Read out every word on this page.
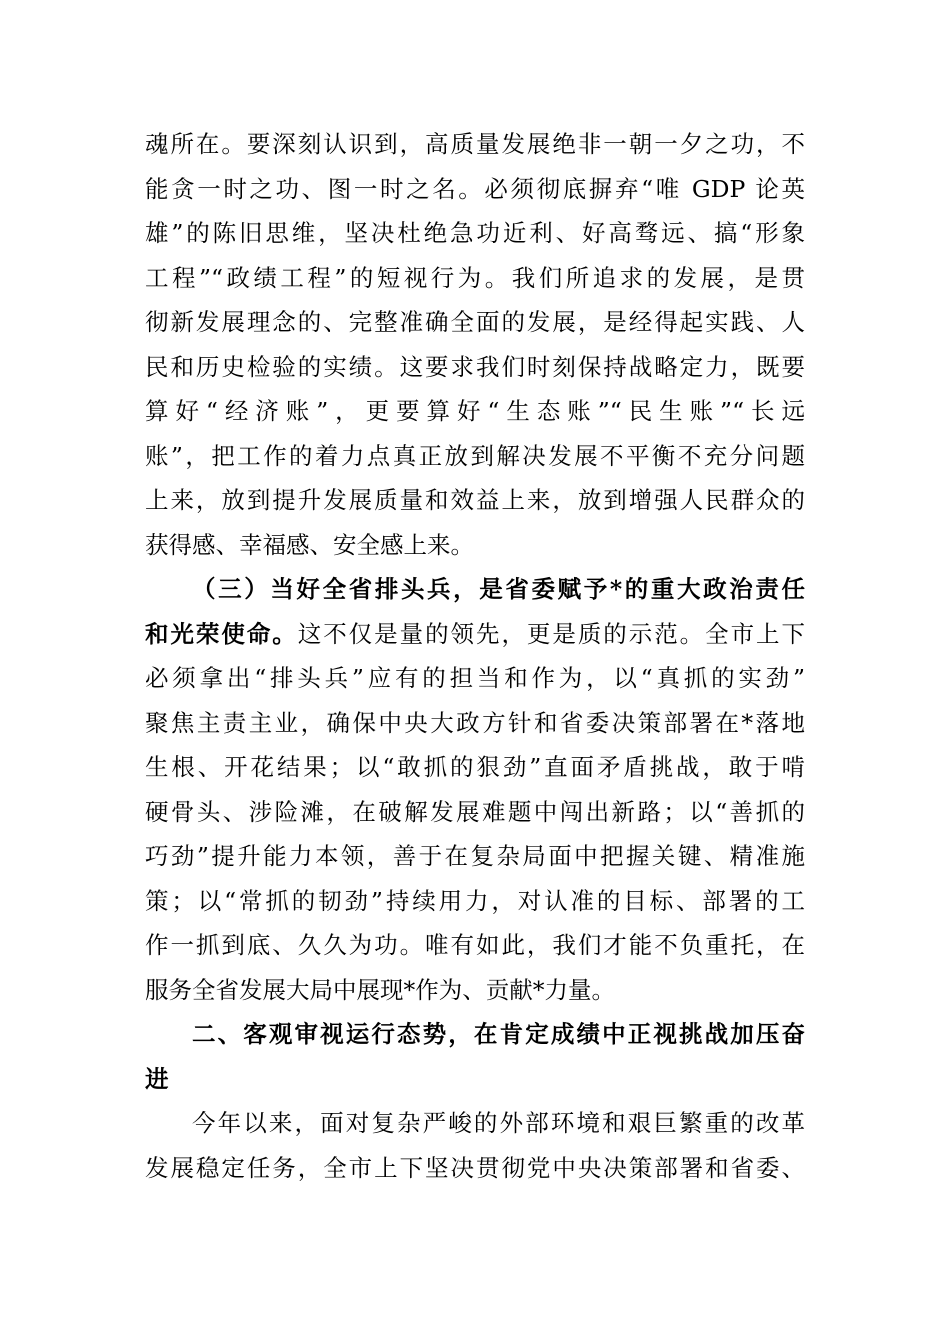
魂所在。要深刻认识到，高质量发展绝非一朝一夕之功，不
能贪一时之功、图一时之名。必须彻底摒弃“唯 GDP 论英
雄”的陈旧思维，坚决杜绝急功近利、好高骛远、搞“形象
工程”“政绩工程”的短视行为。我们所追求的发展，是贯
彻新发展理念的、完整准确全面的发展，是经得起实践、人
民和历史检验的实绩。这要求我们时刻保持战略定力，既要
算好“经济账”，更要算好“生态账”“民生账”“长远
账”，把工作的着力点真正放到解决发展不平衡不充分问题
上来，放到提升发展质量和效益上来，放到增强人民群众的
获得感、幸福感、安全感上来。
（三）当好全省排头兵，是省委赋予*的重大政治责任
和光荣使命。这不仅是量的领先，更是质的示范。全市上下
必须拿出“排头兵”应有的担当和作为，以“真抓的实劲”
聚焦主责主业，确保中央大政方针和省委决策部署在*落地
生根、开花结果；以“敢抓的狠劲”直面矛盾挑战，敢于啃
硬骨头、涉险滩，在破解发展难题中闯出新路；以“善抓的
巧劲”提升能力本领，善于在复杂局面中把握关键、精准施
策；以“常抓的韧劲”持续用力，对认准的目标、部署的工
作一抓到底、久久为功。唯有如此，我们才能不负重托，在
服务全省发展大局中展现*作为、贡献*力量。
二、客观审视运行态势，在肯定成绩中正视挑战加压奋
进
今年以来，面对复杂严峻的外部环境和艰巨繁重的改革
发展稳定任务，全市上下坚决贯彻党中央决策部署和省委、
